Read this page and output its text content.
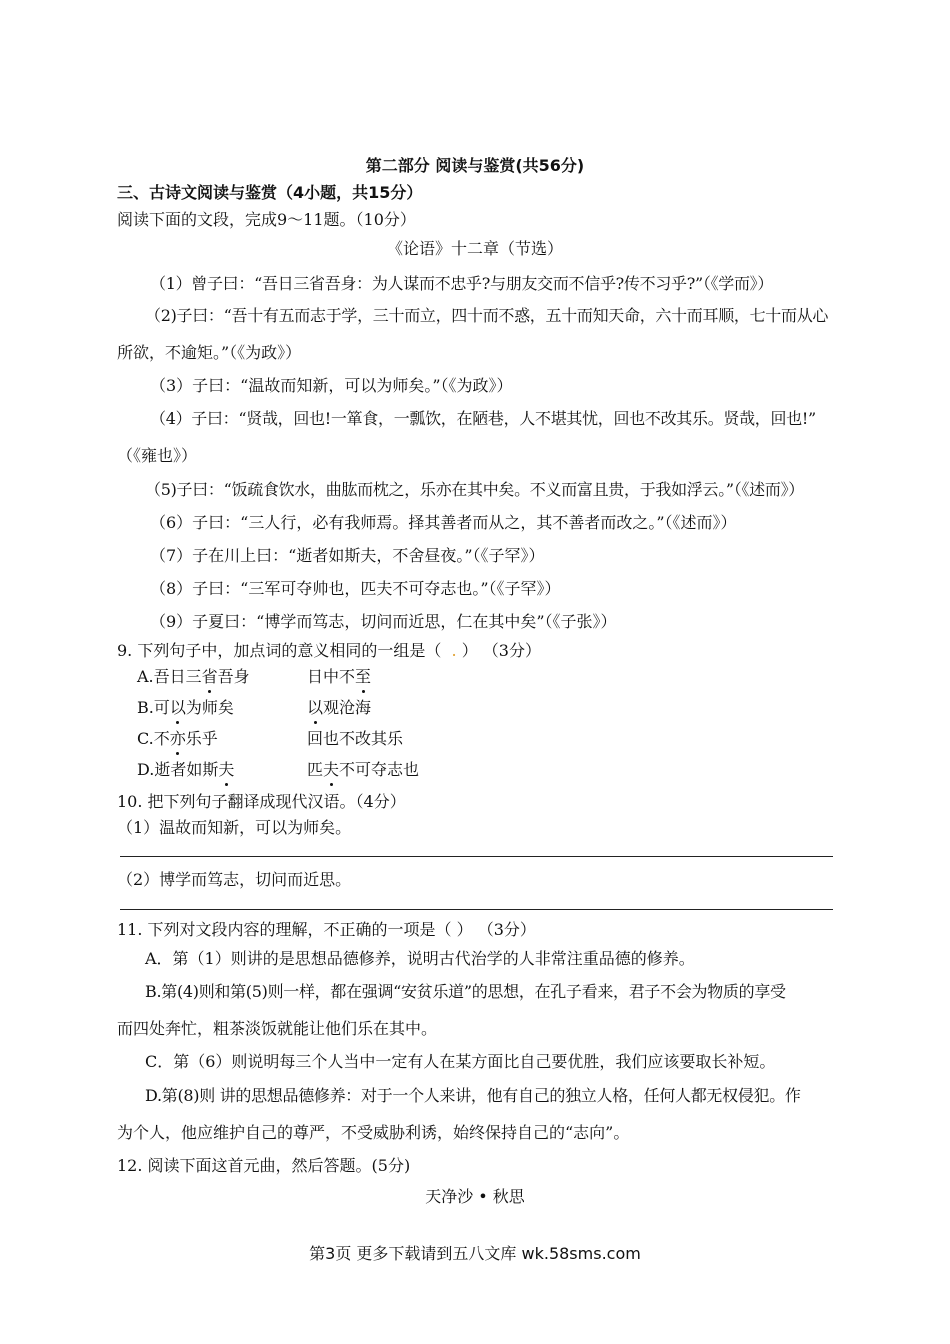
第二部分 阅读与鉴赏(共56分)
三、古诗文阅读与鉴赏（4小题，共15分）
阅读下面的文段，完成9～11题。（10分）
《论语》十二章（节选）
（1）曾子曰：“吾日三省吾身：为人谋而不忠乎?与朋友交而不信乎?传不习乎?”（《学而》）
（2)子曰：“吾十有五而志于学，三十而立，四十而不惑，五十而知天命，六十而耳顺，七十而从心
所欲，不逾矩。”（《为政》）
（3）子曰：“温故而知新，可以为师矣。”（《为政》）
（4）子曰：“贤哉，回也!一箪食，一瓢饮，在陋巷，人不堪其忧，回也不改其乐。贤哉，回也!”
（《雍也》）
（5)子曰：“饭疏食饮水，曲肱而枕之，乐亦在其中矣。不义而富且贵，于我如浮云。”（《述而》）
（6）子曰：“三人行，必有我师焉。择其善者而从之，其不善者而改之。”（《述而》）
（7）子在川上曰：“逝者如斯夫，不舍昼夜。”（《子罕》）
（8）子曰：“三军可夺帅也，匹夫不可夺志也。”（《子罕》）
（9）子夏曰：“博学而笃志，切问而近思，仁在其中矣”（《子张》）
9. 下列句子中，加点词的意义相同的一组是（ . ） （3分）
A.吾日三省吾身	日中不至
B.可以为师矣	以观沧海
C.不亦乐乎	回也不改其乐
D.逝者如斯夫	匹夫不可夺志也
10. 把下列句子翻译成现代汉语。（4分）
（1）温故而知新，可以为师矣。
（2）博学而笃志，切问而近思。
11. 下列对文段内容的理解，不正确的一项是（ ） （3分）
A．第（1）则讲的是思想品德修养，说明古代治学的人非常注重品德的修养。
B.第(4)则和第(5)则一样，都在强调“安贫乐道”的思想，在孔子看来，君子不会为物质的享受
而四处奔忙，粗茶淡饭就能让他们乐在其中。
C．第（6）则说明每三个人当中一定有人在某方面比自己要优胜，我们应该要取长补短。
D.第(8)则 讲的思想品德修养：对于一个人来讲，他有自己的独立人格，任何人都无权侵犯。作
为个人，他应维护自己的尊严，不受威胁利诱，始终保持自己的“志向”。
12. 阅读下面这首元曲，然后答题。(5分)
天净沙 • 秋思
第3页 更多下载请到五八文库 wk.58sms.com
